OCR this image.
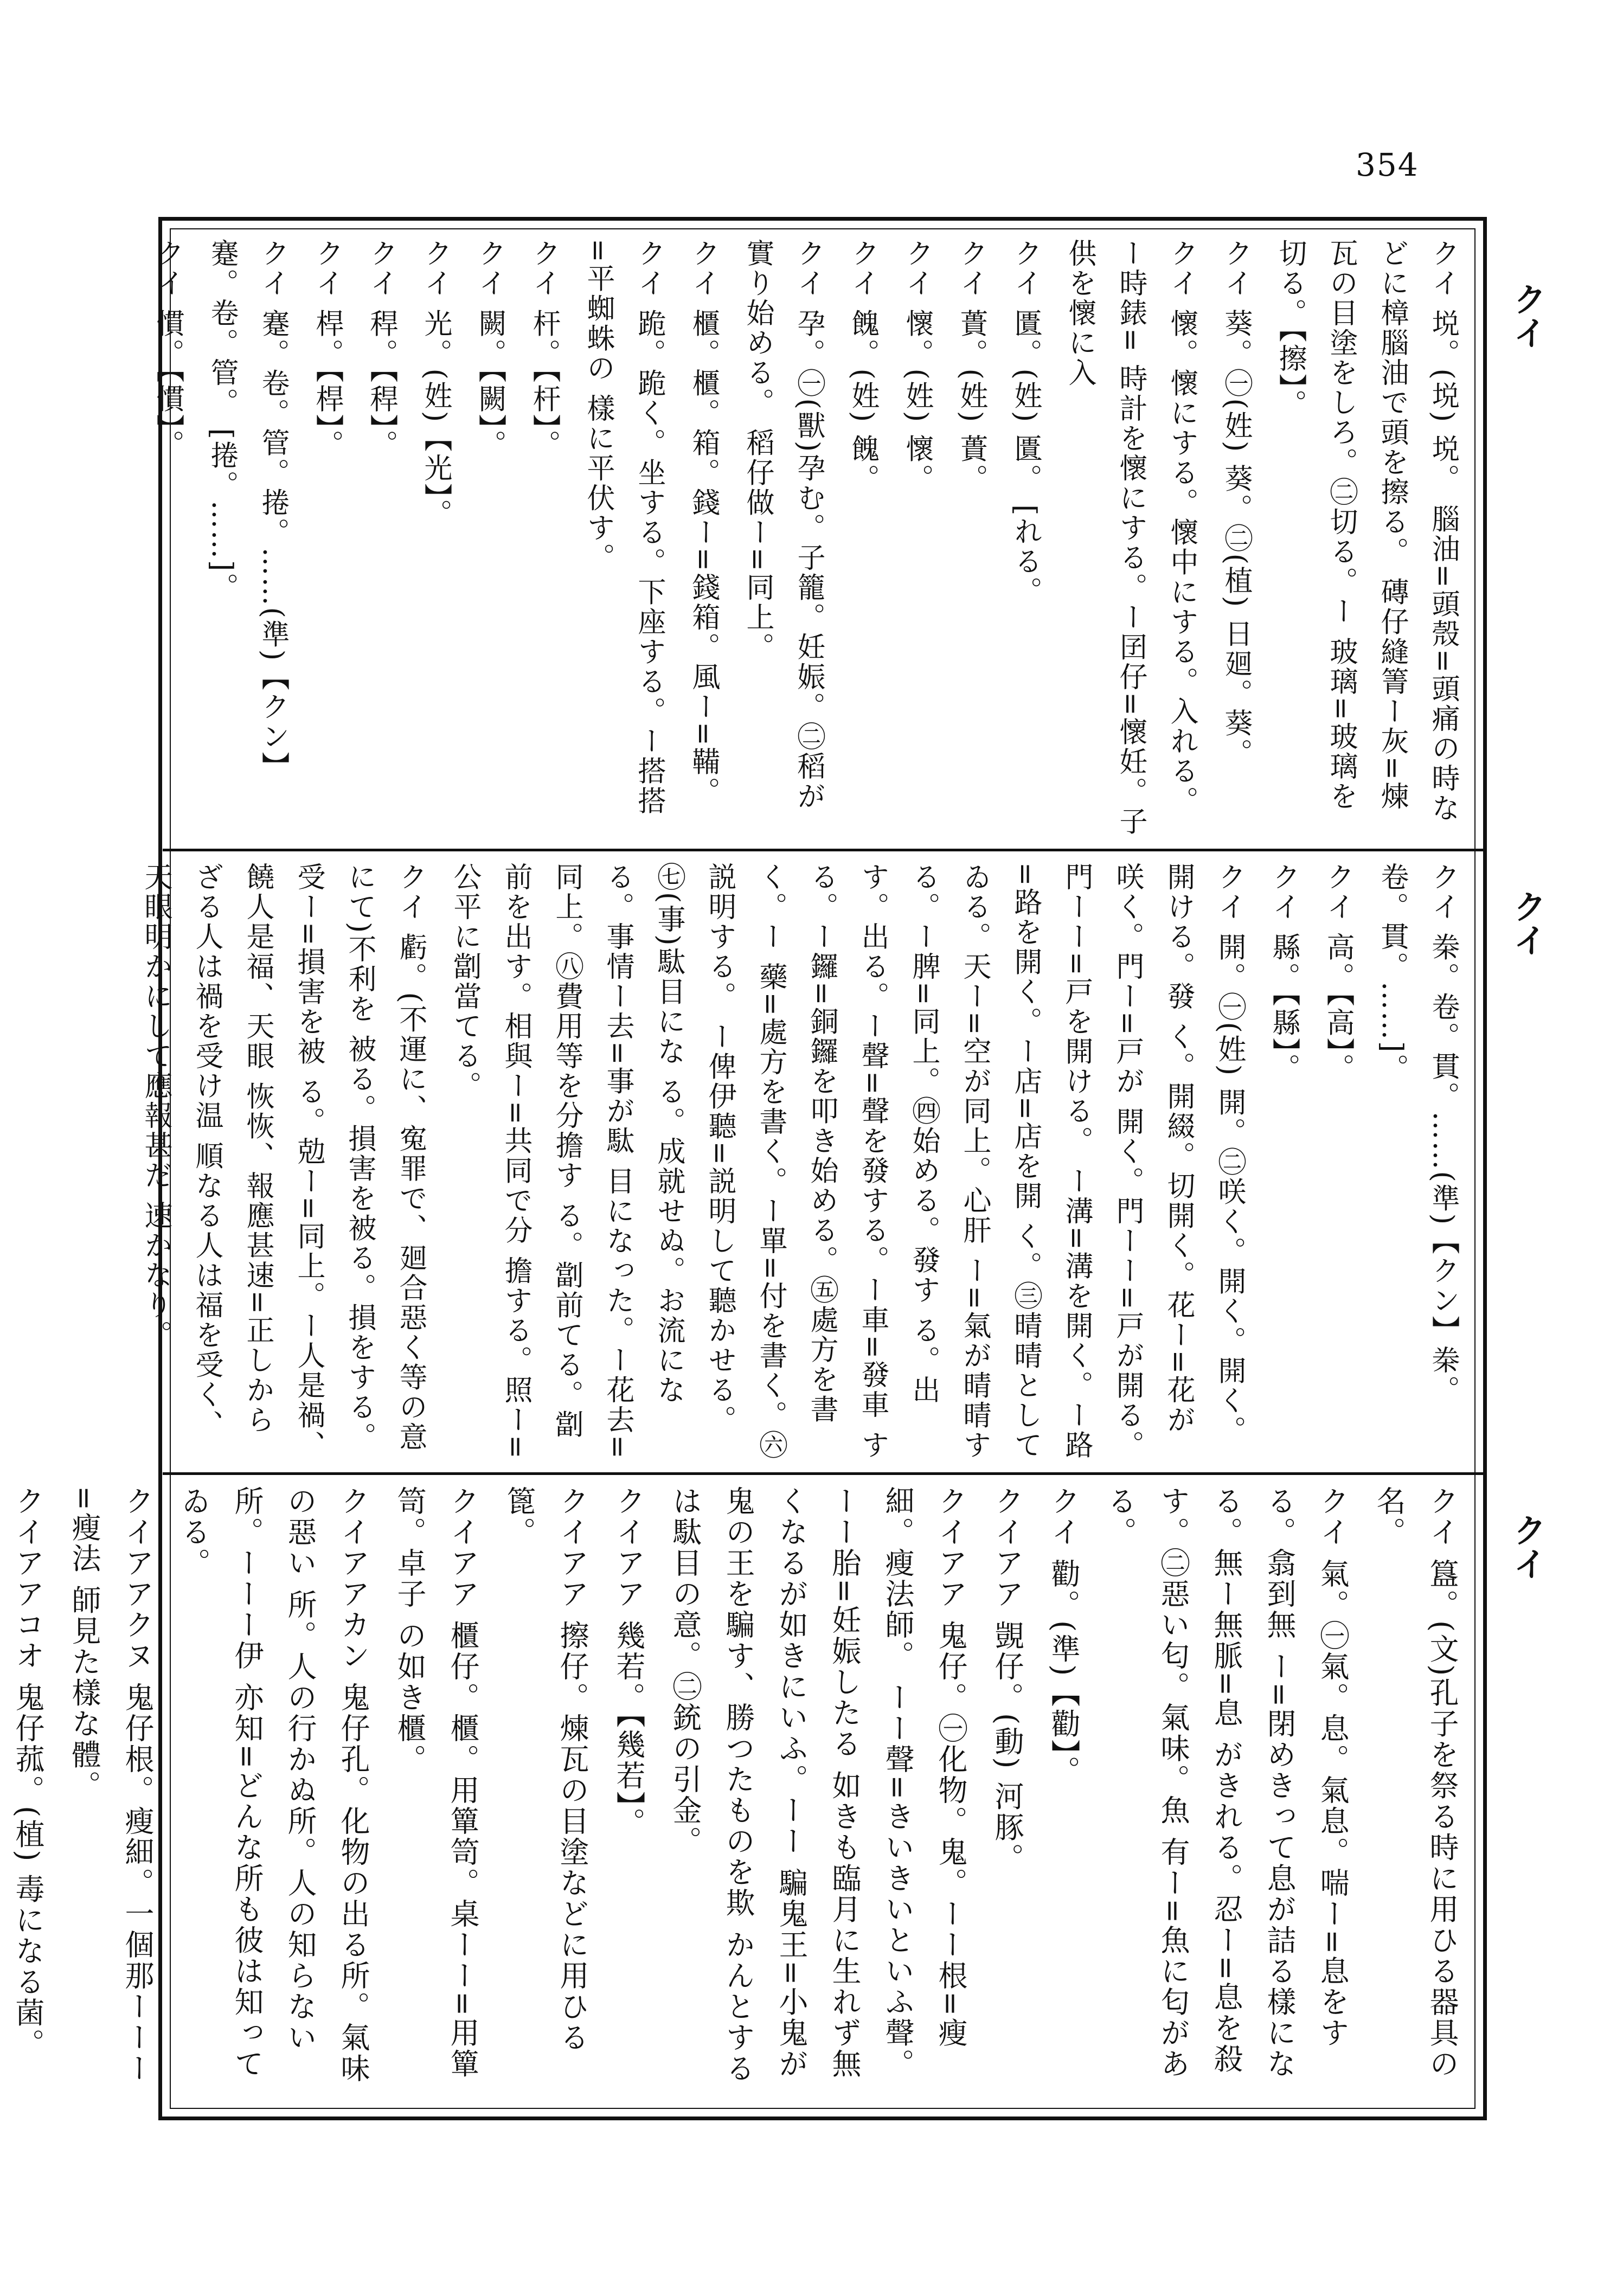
354
クイ
クイ
クイ
クイ 㙂。(㙂) 㙂。 腦油=頭殼=頭痛の時などに樟腦油で頭を擦る。 磚仔縫箐ー灰=煉瓦の目塗をしろ。㊁切る。ー 玻璃=玻璃を切る。【擦】。
クイ 葵。㊀(姓) 葵。㊁(植) 日廻。葵。
クイ 懷。懷にする。懷中にする。入れる。ー時錶= 時計を懷にする。ー囝仔=懷妊。子供を懷に入
クイ 匱。(姓) 匱。 [れる。
クイ 蕢。(姓) 蕢。
クイ 懷。(姓) 懷。
クイ 餽。(姓) 餽。
クイ 孕。㊀(獸)孕む。子籠。妊娠。㊁稻が實り始める。 稻仔做ー=同上。
クイ 櫃。櫃。箱。錢ー=錢箱。風ー=鞴。
クイ 跪。跪く。坐する。下座する。ー搭搭=平蜘蛛の 樣に平伏す。
クイ 杆。【杆】。
クイ 闕。【闕】。
クイ 光。(姓)【光】。
クイ 稈。【稈】。
クイ 桿。【桿】。
クイ 蹇。卷。管。捲。……(準)【クン】蹇。卷。管。 [捲。……]。
クイ 慣。【慣】。
クイ 桊。卷。貫。……(準)【クン】桊。卷。貫。……]。
クイ 高。【高】。
クイ 縣。【縣】。
クイ 開。㊀(姓) 開。㊁咲く。開く。開く。開ける。發 く。開綴。切開く。花ー=花が咲く。門ー=戸が 開く。門ーー=戸が開る。門ーー=戸を開ける。 ー溝=溝を開く。ー路=路を開く。ー店=店を開 く。㊂晴晴としてゐる。天ー=空が同上。心肝 ー=氣が晴晴する。ー脾=同上。㊃始める。發す る。出す。出る。ー聲=聲を發する。ー車=發車 する。ー鑼=銅鑼を叩き始める。㊄處方を書く。ー 藥=處方を書く。ー單=付を書く。㊅説明する。 ー俾伊聽=説明して聽かせる。㊆(事)駄目にな る。成就せぬ。お流になる。事情ー去=事が駄 目になった。ー花去=同上。㊇費用等を分擔す る。劏前てる。劏前を出す。相與ー=共同で分 擔する。照ー=公平に劏當てる。
クイ 虧。(不運に、寃罪で、廻合惡く等の意にて)不利を 被る。損害を被る。損をする。受ー=損害を被 る。勊ー=同上。ー人是禍、饒人是福、天眼 恢恢、報應甚速=正しからざる人は禍を受け温 順なる人は福を受く、天眼明かにして應報甚だ 速かなり。
クイ 簋。(文)孔子を祭る時に用ひる器具の名。
クイ 氣。㊀氣。息。氣息。喘ー=息をする。翕到無 ー=閉めきって息が詰る樣になる。無ー無脈=息 がきれる。忍ー=息を殺す。㊁惡い匂。氣味。魚 有ー=魚に匂がある。
クイ 勸。(準)【勸】。
クイアア 覬仔。(動) 河豚。
クイアア 鬼仔。㊀化物。鬼。ーー根=瘦細。瘦法師。 ーー聲=きいきいといふ聲。ーー胎=妊娠したる 如きも臨月に生れず無くなるが如きにいふ。ーー 騙鬼王=小鬼が鬼の王を騙す、勝つたものを欺 かんとするは駄目の意。㊁銃の引金。
クイアア 幾若。【幾若】。
クイアア 擦仔。煉瓦の目塗などに用ひる篦。
クイアア 櫃仔。櫃。用簞笥。桌ーー=用簞笥。卓子 の如き櫃。
クイアアカン 鬼仔孔。化物の出る所。氣味の惡い 所。人の行かぬ所。人の知らない所。ーーー伊 亦知=どんな所も彼は知ってゐる。
クイアアクヌ 鬼仔根。瘦細。一個那ーーー=瘦法 師見た樣な體。
クイアアコオ 鬼仔菰。(植) 毒になる菌。
